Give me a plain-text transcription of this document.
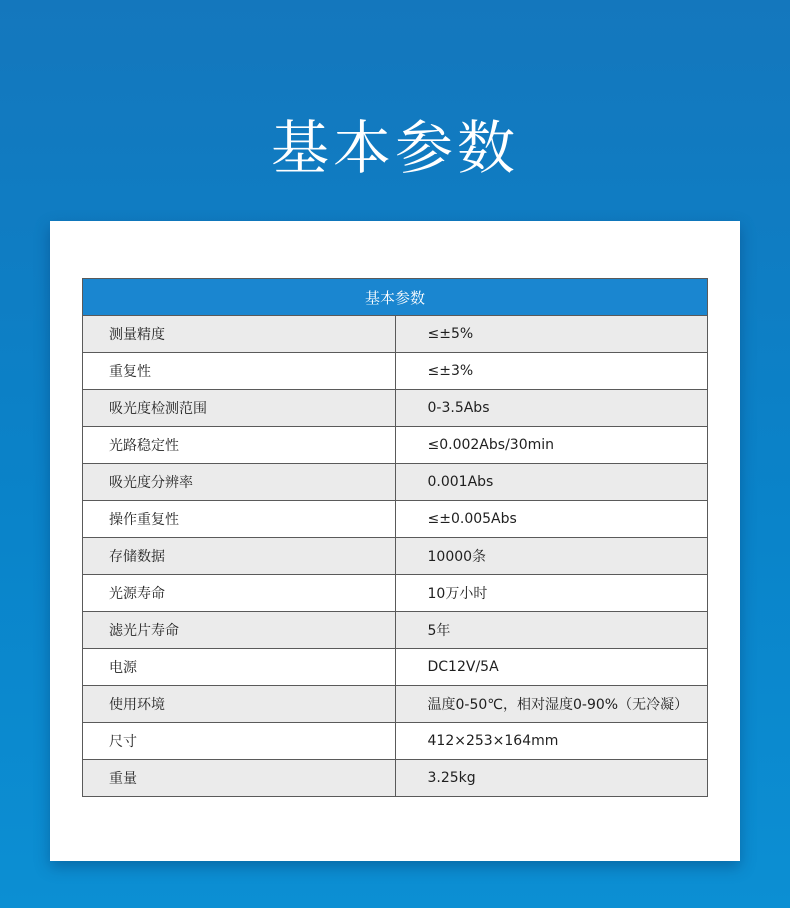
基本参数
基本参数	
测量精度	≤±5%
重复性	≤±3%
吸光度检测范围	0-3.5Abs
光路稳定性	≤0.002Abs/30min
吸光度分辨率	0.001Abs
操作重复性	≤±0.005Abs
存储数据	10000条
光源寿命	10万小时
滤光片寿命	5年
电源	DC12V/5A
使用环境	温度0-50℃，相对湿度0-90%（无冷凝）
尺寸	412×253×164mm
重量	3.25kg
